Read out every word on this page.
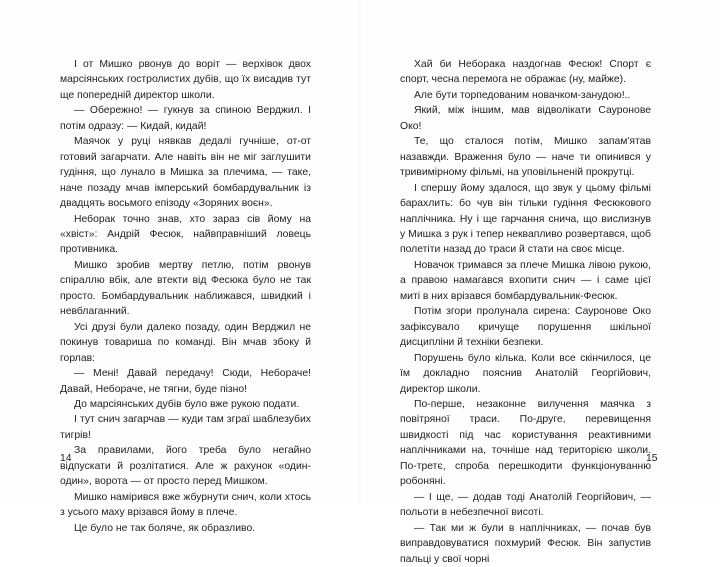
І от Мишко рвонув до воріт — верхівок двох марсіянських гостролистих дубів, що їх висадив тут ще попередній директор школи.

— Обережно! — гукнув за спиною Верджил. І потім одразу: — Кидай, кидай!

Маячок у руці нявкав дедалі гучніше, от-от готовий загарчати. Але навіть він не міг заглушити гудіння, що лунало в Мишка за плечима, — таке, наче позаду мчав імперський бомбардувальник із двадцять восьмого епізоду «Зоряних воєн».

Неборак точно знав, хто зараз сів йому на «хвіст»: Андрій Фесюк, найвправніший ловець противника.

Мишко зробив мертву петлю, потім рвонув спіраллю вбік, але втекти від Фесюка було не так просто. Бомбардувальник наближався, швидкий і невблаганний.

Усі друзі були далеко позаду, один Верджил не покинув товариша по команді. Він мчав збоку й горлав:

— Мені! Давай передачу! Сюди, Небораче! Давай, Небораче, не тягни, буде пізно!

До марсіянських дубів було вже рукою подати.

І тут снич загарчав — куди там зграї шаблезубих тигрів!

За правилами, його треба було негайно відпускати й розлітатися. Але ж рахунок «один-один», ворота — от просто перед Мишком.

Мишко намірився вже жбурнути снич, коли хтось з усього маху врізався йому в плече.

Це було не так боляче, як образливо.

14

Хай би Неборака наздогнав Фесюк! Спорт є спорт, чесна перемога не ображає (ну, майже).

Але бути торпедованим новачком-занудою!..

Який, між іншим, мав відволікати Сауронове Око!

Те, що сталося потім, Мишко запам'ятав назавжди. Враження було — наче ти опинився у тривимірному фільмі, на уповільненій прокрутці.

І спершу йому здалося, що звук у цьому фільмі барахлить: бо чув він тільки гудіння Фесюкового наплічника. Ну і ще гарчання снича, що вислизнув у Мишка з рук і тепер неквапливо розвертався, щоб полетіти назад до траси й стати на своє місце.

Новачок тримався за плече Мишка лівою рукою, а правою намагався вхопити снич — і саме цієї миті в них врізався бомбардувальник-Фесюк.

Потім згори пролунала сирена: Сауронове Око зафіксувало кричуще порушення шкільної дисципліни й техніки безпеки.

Порушень було кілька. Коли все скінчилося, це їм докладно пояснив Анатолій Георгійович, директор школи.

По-перше, незаконне вилучення маячка з повітряної траси. По-друге, перевищення швидкості під час користування реактивними наплічниками на, точніше над територією школи. По-третє, спроба перешкодити функціонуванню робоняні.

— І ще, — додав тоді Анатолій Георгійович, — польоти в небезпечної висоті.

— Так ми ж були в наплічниках, — почав був виправдовуватися похмурий Фесюк. Він запустив пальці у свої чорні

15
